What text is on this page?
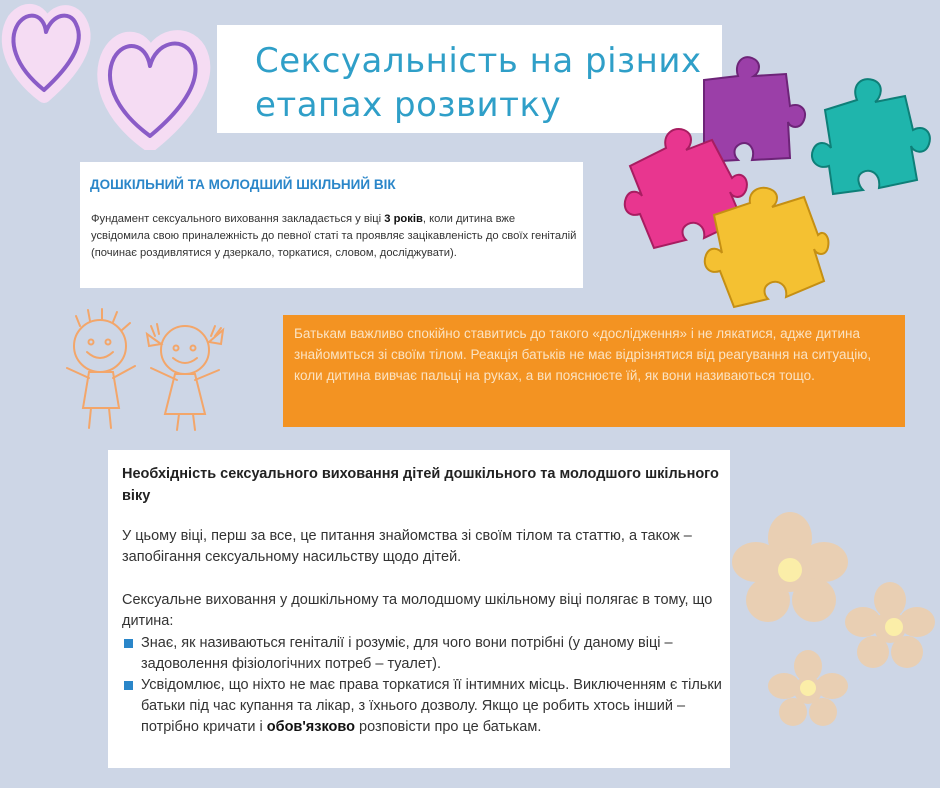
Сексуальність на різних
етапах розвитку
ДОШКІЛЬНИЙ ТА МОЛОДШИЙ ШКІЛЬНИЙ ВІК

Фундамент сексуального виховання закладається у віці 3 років, коли дитина вже усвідомила свою приналежність до певної статі та проявляє зацікавленість до своїх геніталій (починає роздивлятися у дзеркало, торкатися, словом, досліджувати).

Батькам важливо спокійно ставитись до такого «дослідження» і не лякатися, адже дитина знайомиться зі своїм тілом. Реакція батьків не має відрізнятися від реагування на ситуацію, коли дитина вивчає пальці на руках, а ви пояснюєте їй, як вони називаються тощо.

Необхідність сексуального виховання дітей дошкільного та молодшого шкільного віку

У цьому віці, перш за все, це питання знайомства зі своїм тілом та статтю, а також – запобігання сексуальному насильству щодо дітей.

Сексуальне виховання у дошкільному та молодшому шкільному віці полягає в тому, що дитина:

Знає, як називаються геніталії і розуміє, для чого вони потрібні (у даному віці – задоволення фізіологічних потреб – туалет).
Усвідомлює, що ніхто не має права торкатися її інтимних місць. Виключенням є тільки батьки під час купання та лікар, з їхнього дозволу. Якщо це робить хтось інший – потрібно кричати і обов'язково розповісти про це батькам.
